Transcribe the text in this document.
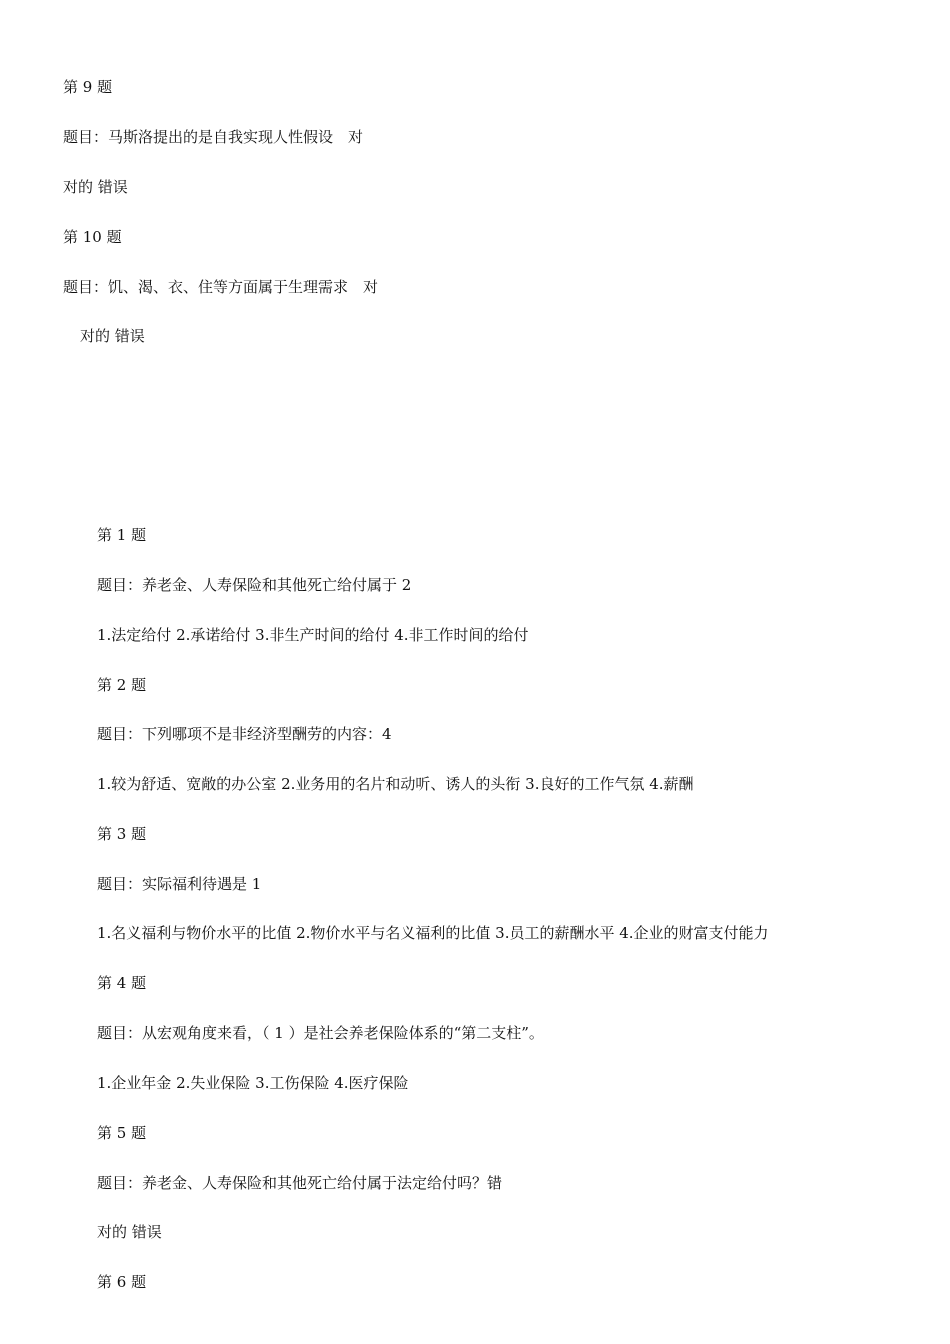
第 9 题
题目：马斯洛提出的是自我实现人性假设　对
对的 错误
第 10 题
题目：饥、渴、衣、住等方面属于生理需求　对
对的 错误
第 1 题
题目：养老金、人寿保险和其他死亡给付属于 2
1.法定给付 2.承诺给付 3.非生产时间的给付 4.非工作时间的给付
第 2 题
题目：下列哪项不是非经济型酬劳的内容：4
1.较为舒适、宽敞的办公室 2.业务用的名片和动听、诱人的头衔 3.良好的工作气氛 4.薪酬
第 3 题
题目：实际福利待遇是 1
1.名义福利与物价水平的比值 2.物价水平与名义福利的比值 3.员工的薪酬水平 4.企业的财富支付能力
第 4 题
题目：从宏观角度来看，（ 1 ）是社会养老保险体系的“第二支柱”。
1.企业年金 2.失业保险 3.工伤保险 4.医疗保险
第 5 题
题目：养老金、人寿保险和其他死亡给付属于法定给付吗？错
对的 错误
第 6 题
